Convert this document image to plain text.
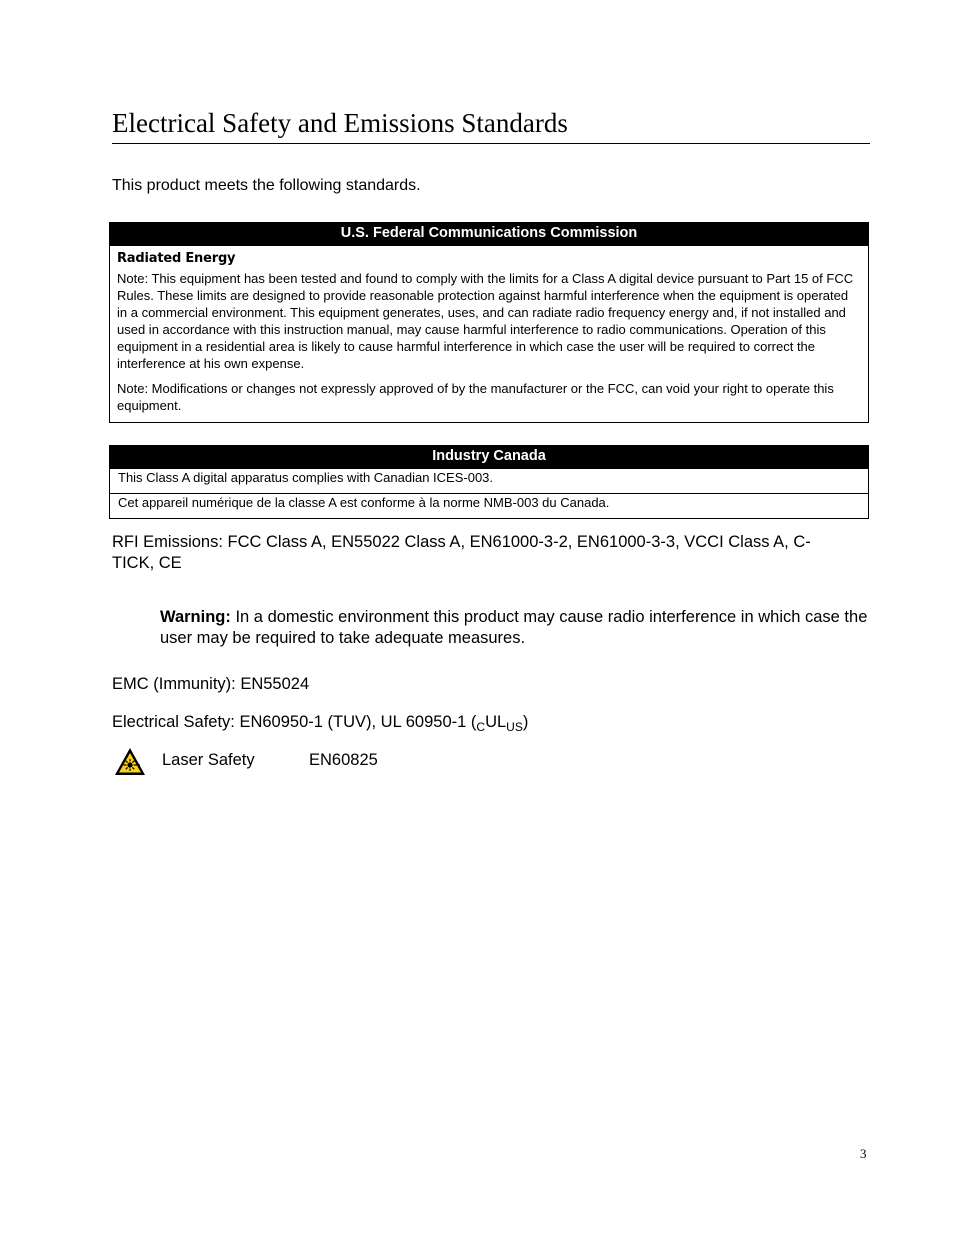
Electrical Safety and Emissions Standards

This product meets the following standards.

U.S. Federal Communications Commission
Radiated Energy

Note: This equipment has been tested and found to comply with the limits for a Class A digital device pursuant to Part 15 of FCC Rules. These limits are designed to provide reasonable protection against harmful interference when the equipment is operated in a commercial environment. This equipment generates, uses, and can radiate radio frequency energy and, if not installed and used in accordance with this instruction manual, may cause harmful interference to radio communications. Operation of this equipment in a residential area is likely to cause harmful interference in which case the user will be required to correct the interference at his own expense.

Note: Modifications or changes not expressly approved of by the manufacturer or the FCC, can void your right to operate this equipment.

Industry Canada

This Class A digital apparatus complies with Canadian ICES-003.

Cet appareil numérique de la classe A est conforme à la norme NMB-003 du Canada.

RFI Emissions: FCC Class A, EN55022 Class A, EN61000-3-2, EN61000-3-3, VCCI Class A, C-TICK, CE

Warning: In a domestic environment this product may cause radio interference in which case the user may be required to take adequate measures.

EMC (Immunity): EN55024

Electrical Safety: EN60950-1 (TUV), UL 60950-1 $(_CUL_{US})$

Laser Safety	EN60825
3
